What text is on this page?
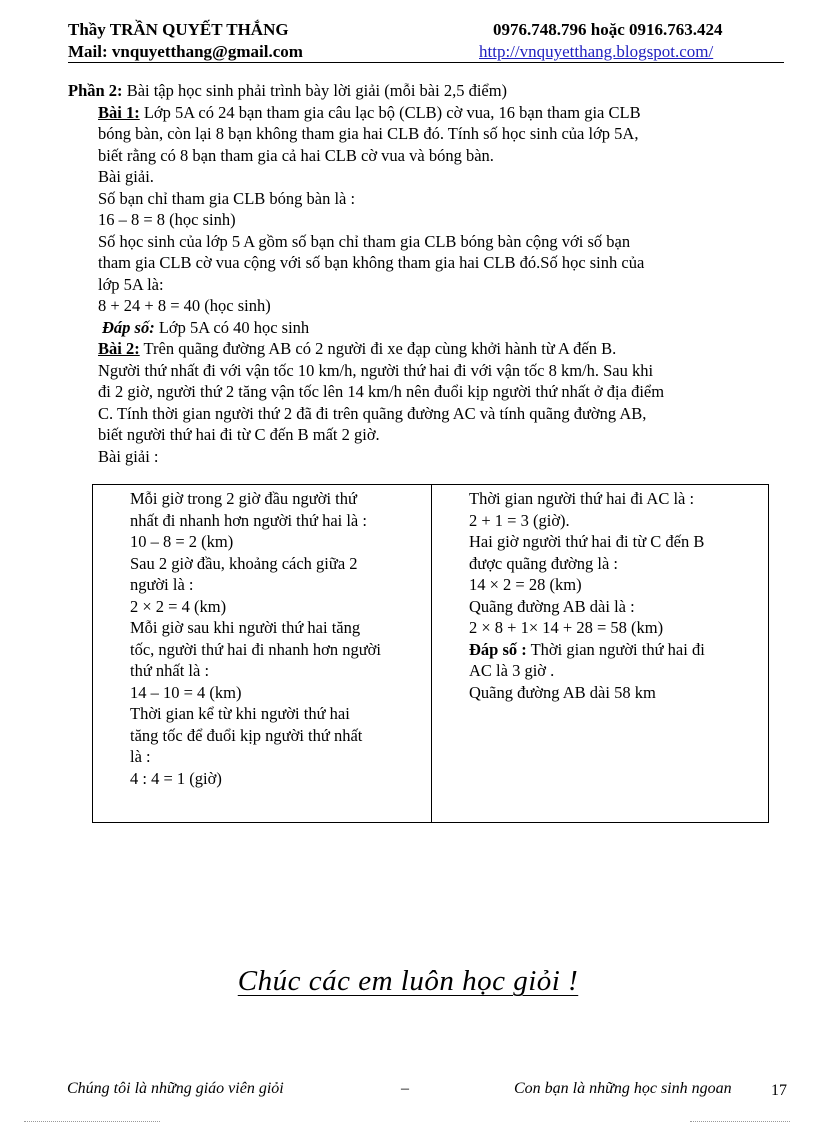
Thầy TRẦN QUYẾT THẮNG	0976.748.796 hoặc 0916.763.424
Mail: vnquyetthang@gmail.com	http://vnquyetthang.blogspot.com/
Phần 2: Bài tập học sinh phải trình bày lời giải (mỗi bài 2,5 điểm)
Bài 1: Lớp 5A có 24 bạn tham gia câu lạc bộ (CLB) cờ vua, 16 bạn tham gia CLB
bóng bàn, còn lại 8 bạn không tham gia hai CLB đó. Tính số học sinh của lớp 5A,
biết rằng có 8 bạn tham gia cả hai CLB cờ vua và bóng bàn.
Bài giải.
Số bạn chỉ tham gia CLB bóng bàn là :
16 – 8 = 8 (học sinh)
Số học sinh của lớp 5 A gồm số bạn chỉ tham gia CLB bóng bàn cộng với số bạn
tham gia CLB cờ vua cộng với số bạn không tham gia hai CLB đó.Số học sinh của
lớp 5A là:
8 + 24 + 8 = 40 (học sinh)
Đáp số: Lớp 5A có 40 học sinh
Bài 2: Trên quãng đường AB có 2 người đi xe đạp cùng khởi hành từ A đến B.
Người thứ nhất đi với vận tốc 10 km/h, người thứ hai đi với vận tốc 8 km/h. Sau khi
đi 2 giờ, người thứ 2 tăng vận tốc lên 14 km/h nên đuổi kịp người thứ nhất ở địa điểm
C. Tính thời gian người thứ 2 đã đi trên quãng đường AC và tính quãng đường AB,
biết người thứ hai đi từ C đến B mất 2 giờ.
Bài giải :
Mỗi giờ trong 2 giờ đầu người thứ
nhất đi nhanh hơn người thứ hai là :
10 – 8 = 2 (km)
Sau 2 giờ đầu, khoảng cách giữa 2
người là :
2 × 2 = 4 (km)
Mỗi giờ sau khi người thứ hai tăng
tốc, người thứ hai đi nhanh hơn người
thứ nhất là :
14 – 10 = 4 (km)
Thời gian kể từ khi người thứ hai
tăng tốc để đuổi kịp người thứ nhất
là :
4 : 4 = 1 (giờ)
Thời gian người thứ hai đi AC là :
2 + 1 = 3 (giờ).
Hai giờ người thứ hai đi từ C đến B
được quãng đường là :
14 × 2 = 28 (km)
Quãng đường AB dài là :
2 × 8 + 1× 14 + 28 = 58 (km)
Đáp số : Thời gian người thứ hai đi
AC là 3 giờ .
Quãng đường AB dài 58 km
Chúc các em luôn học giỏi !
Chúng tôi là những giáo viên giỏi	–	Con bạn là những học sinh ngoan 17
